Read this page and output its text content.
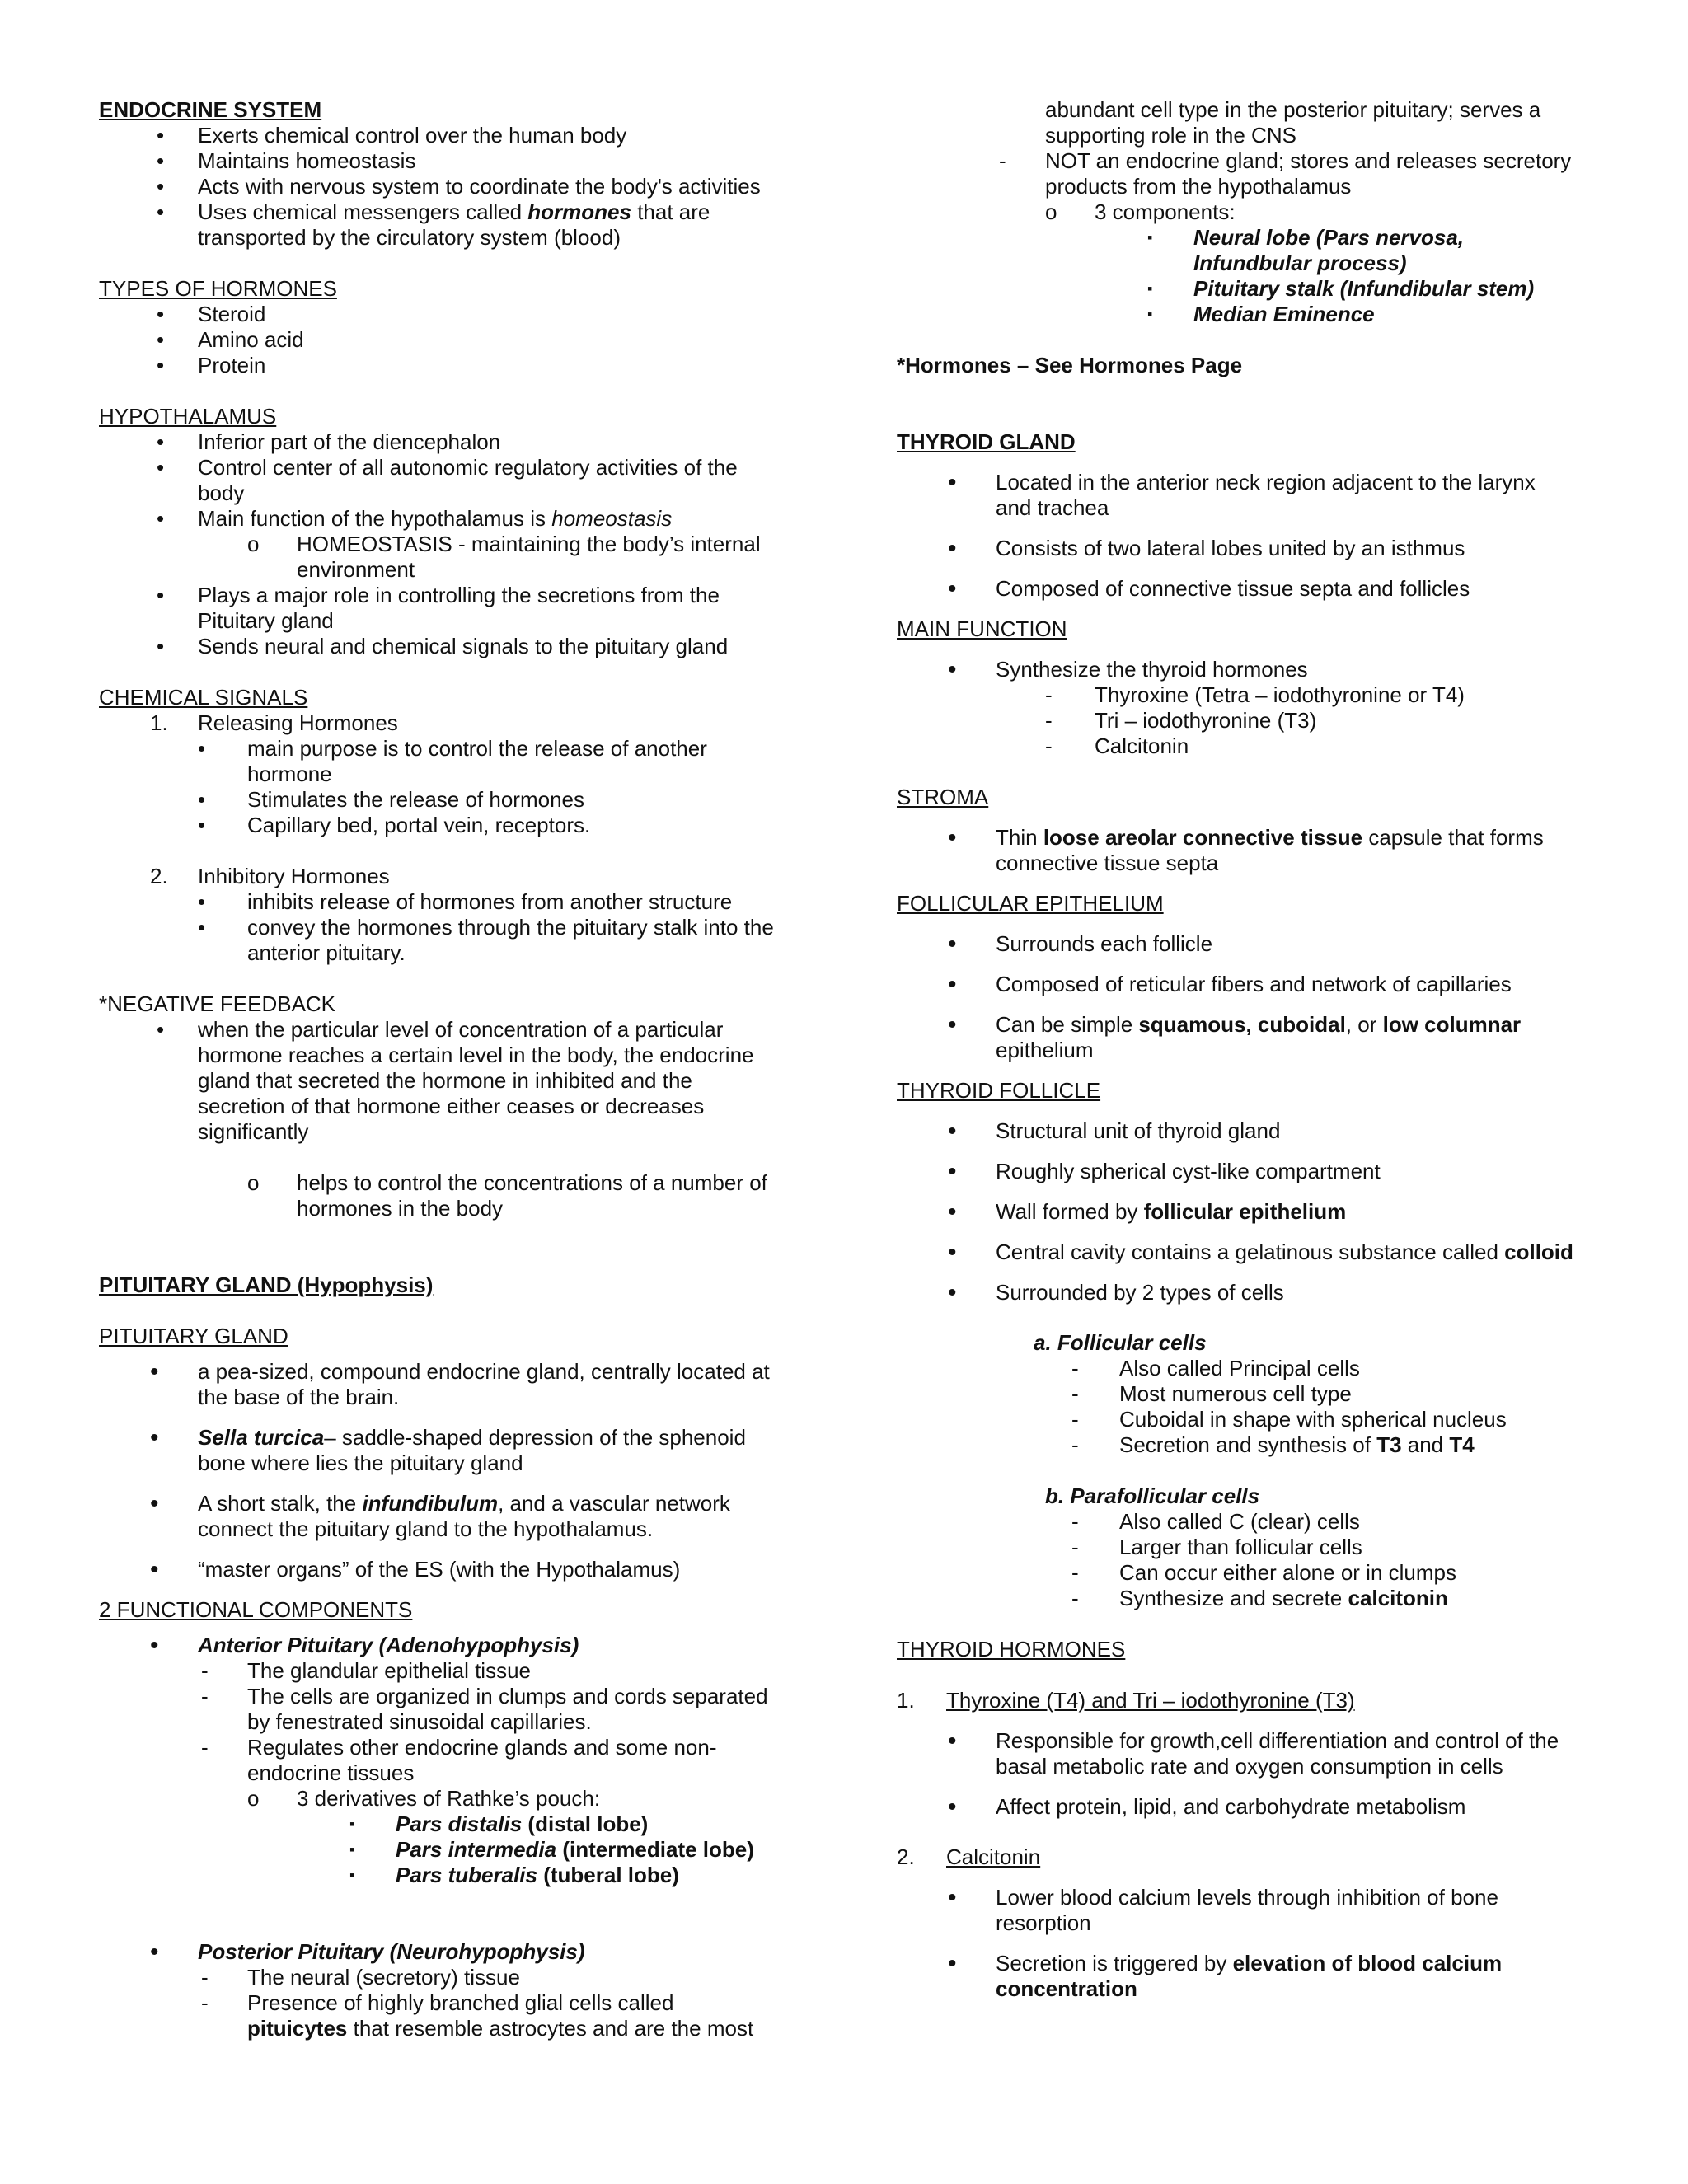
ENDOCRINE SYSTEM
• Exerts chemical control over the human body
• Maintains homeostasis
• Acts with nervous system to coordinate the body's activities
• Uses chemical messengers called hormones that are
transported by the circulatory system (blood)
TYPES OF HORMONES
• Steroid
• Amino acid
• Protein
HYPOTHALAMUS
• Inferior part of the diencephalon
• Control center of all autonomic regulatory activities of the
body
• Main function of the hypothalamus is homeostasis
o HOMEOSTASIS - maintaining the body’s internal
environment
• Plays a major role in controlling the secretions from the
Pituitary gland
• Sends neural and chemical signals to the pituitary gland
CHEMICAL SIGNALS
1. Releasing Hormones
• main purpose is to control the release of another
hormone
• Stimulates the release of hormones
• Capillary bed, portal vein, receptors.
2. Inhibitory Hormones
• inhibits release of hormones from another structure
• convey the hormones through the pituitary stalk into the
anterior pituitary.
*NEGATIVE FEEDBACK
• when the particular level of concentration of a particular
hormone reaches a certain level in the body, the endocrine
gland that secreted the hormone in inhibited and the
secretion of that hormone either ceases or decreases
significantly
o helps to control the concentrations of a number of
hormones in the body
PITUITARY GLAND (Hypophysis)
PITUITARY GLAND
• a pea-sized, compound endocrine gland, centrally located at
the base of the brain.
• Sella turcica– saddle-shaped depression of the sphenoid
bone where lies the pituitary gland
• A short stalk, the infundibulum, and a vascular network
connect the pituitary gland to the hypothalamus.
• “master organs” of the ES (with the Hypothalamus)
2 FUNCTIONAL COMPONENTS
• Anterior Pituitary (Adenohypophysis)
- The glandular epithelial tissue
- The cells are organized in clumps and cords separated
by fenestrated sinusoidal capillaries.
- Regulates other endocrine glands and some non-
endocrine tissues
o 3 derivatives of Rathke’s pouch:
▪ Pars distalis (distal lobe)
▪ Pars intermedia (intermediate lobe)
▪ Pars tuberalis (tuberal lobe)
• Posterior Pituitary (Neurohypophysis)
- The neural (secretory) tissue
- Presence of highly branched glial cells called
pituicytes that resemble astrocytes and are the most
abundant cell type in the posterior pituitary; serves a
supporting role in the CNS
- NOT an endocrine gland; stores and releases secretory
products from the hypothalamus
o 3 components:
▪ Neural lobe (Pars nervosa,
Infundbular process)
▪ Pituitary stalk (Infundibular stem)
▪ Median Eminence
*Hormones – See Hormones Page
THYROID GLAND
• Located in the anterior neck region adjacent to the larynx
and trachea
• Consists of two lateral lobes united by an isthmus
• Composed of connective tissue septa and follicles
MAIN FUNCTION
• Synthesize the thyroid hormones
- Thyroxine (Tetra – iodothyronine or T4)
- Tri – iodothyronine (T3)
- Calcitonin
STROMA
• Thin loose areolar connective tissue capsule that forms
connective tissue septa
FOLLICULAR EPITHELIUM
• Surrounds each follicle
• Composed of reticular fibers and network of capillaries
• Can be simple squamous, cuboidal, or low columnar
epithelium
THYROID FOLLICLE
• Structural unit of thyroid gland
• Roughly spherical cyst-like compartment
• Wall formed by follicular epithelium
• Central cavity contains a gelatinous substance called colloid
• Surrounded by 2 types of cells
a. Follicular cells
- Also called Principal cells
- Most numerous cell type
- Cuboidal in shape with spherical nucleus
- Secretion and synthesis of T3 and T4
b. Parafollicular cells
- Also called C (clear) cells
- Larger than follicular cells
- Can occur either alone or in clumps
- Synthesize and secrete calcitonin
THYROID HORMONES
1. Thyroxine (T4) and Tri – iodothyronine (T3)
• Responsible for growth,cell differentiation and control of the
basal metabolic rate and oxygen consumption in cells
• Affect protein, lipid, and carbohydrate metabolism
2. Calcitonin
• Lower blood calcium levels through inhibition of bone
resorption
• Secretion is triggered by elevation of blood calcium
concentration
